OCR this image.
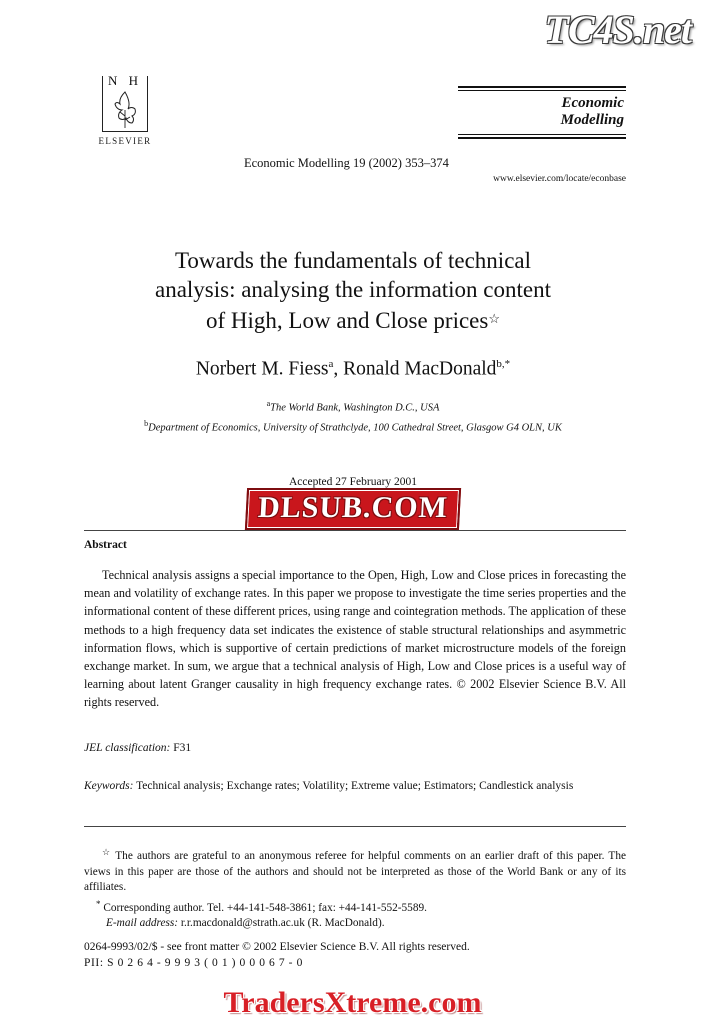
N H
ELSEVIER
Economic Modelling 19 (2002) 353–374
Economic
Modelling
www.elsevier.com/locate/econbase
Towards the fundamentals of technical
analysis: analysing the information content
of High, Low and Close prices☆
Norbert M. Fiess$^a$, Ronald MacDonald$^{b,*}$
$^a$The World Bank, Washington D.C., USA
$^b$Department of Economics, University of Strathclyde, 100 Cathedral Street, Glasgow G4 OLN, UK
Accepted 27 February 2001
Abstract
Technical analysis assigns a special importance to the Open, High, Low and Close prices in forecasting the mean and volatility of exchange rates. In this paper we propose to investigate the time series properties and the informational content of these different prices, using range and cointegration methods. The application of these methods to a high frequency data set indicates the existence of stable structural relationships and asymmetric information flows, which is supportive of certain predictions of market microstructure models of the foreign exchange market. In sum, we argue that a technical analysis of High, Low and Close prices is a useful way of learning about latent Granger causality in high frequency exchange rates. © 2002 Elsevier Science B.V. All rights reserved.
JEL classification: F31
Keywords: Technical analysis; Exchange rates; Volatility; Extreme value; Estimators; Candlestick analysis
☆ The authors are grateful to an anonymous referee for helpful comments on an earlier draft of this paper. The views in this paper are those of the authors and should not be interpreted as those of the World Bank or any of its affiliates.
* Corresponding author. Tel. +44-141-548-3861; fax: +44-141-552-5589.
E-mail address: r.r.macdonald@strath.ac.uk (R. MacDonald).
0264-9993/02/$ - see front matter © 2002 Elsevier Science B.V. All rights reserved.
PII: S 0 2 6 4 - 9 9 9 3 ( 0 1 ) 0 0 0 6 7 - 0
TC4S.net
DLSUB.COM
TradersXtreme.com
